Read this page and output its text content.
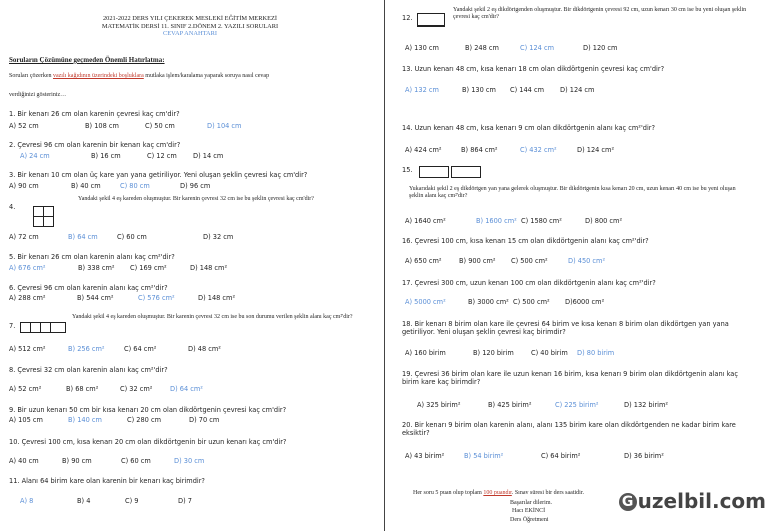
2021-2022 DERS YILI ÇEKEREK MESLEKİ EĞİTİM MERKEZİ
MATEMATİK DERSİ 11. SINIF 2.DÖNEM 2. YAZILI SORULARI
CEVAP ANAHTARI
Soruların Çözümüne geçmeden Önemli Hatırlatma:
Soruları çözerken vazılı kağıdının üzerindeki boşluklara mutlaka işlem/karalama yaparak soruya nasıl cevap
verdiğinizi gösteriniz…
Her soru 5 puan olup toplam 100 puandır. Sınav süresi bir ders saatidir.
Başarılar dilerim.
Hacı EKİNCİ
Ders Öğretmeni
G uzelbil.com
1. Bir kenarı 26 cm olan karenin çevresi kaç cm'dir?
A) 52 cm	B) 108 cm	C) 50 cm	D) 104 cm
2. Çevresi 96 cm olan karenin bir kenarı kaç cm'dir?
A) 24 cm	B) 16 cm	C) 12 cm D) 14 cm
3. Bir kenarı 10 cm olan üç kare yan yana getiriliyor. Yeni oluşan şeklin çevresi kaç cm'dir?
A) 90 cm	B) 40 cm	C) 80 cm	D) 96 cm
4.
Yandaki şekil 4 eş kareden oluşmuştur. Bir karenin çevresi 32 cm ise bu şeklin çevresi kaç cm'dir?
A) 72 cm	B) 64 cm	C) 60 cm	D) 32 cm
5. Bir kenarı 26 cm olan karenin alanı kaç cm²'dir?
A) 676 cm²	B) 338 cm² C) 169 cm²	D) 148 cm²
6. Çevresi 96 cm olan karenin alanı kaç cm²'dir?
A) 288 cm²	B) 544 cm²	C) 576 cm²	D) 148 cm²
7.
Yandaki şekil 4 eş kareden oluşmuştur. Bir karenin çevresi 32 cm ise bu son durumu verilen şeklin alanı kaç cm²'dir?
A) 512 cm²	B) 256 cm²	C) 64 cm²	D) 48 cm²
8. Çevresi 32 cm olan karenin alanı kaç cm²'dir?
A) 52 cm²	B) 68 cm²	C) 32 cm²	D) 64 cm²
9. Bir uzun kenarı 50 cm bir kısa kenarı 20 cm olan dikdörtgenin çevresi kaç cm'dir?
A) 105 cm	B) 140 cm	C) 280 cm	D) 70 cm
10. Çevresi 100 cm, kısa kenarı 20 cm olan dikdörtgenin bir uzun kenarı kaç cm'dir?
A) 40 cm	B) 90 cm	C) 60 cm	D) 30 cm
11. Alanı 64 birim kare olan karenin bir kenarı kaç birimdir?
A) 8	B) 4	C) 9	D) 7
12.
Yandaki şekil 2 eş dikdörtgenden oluşmuştur. Bir dikdörtgenin çevresi 92 cm, uzun kenarı 30 cm ise bu yeni oluşan şeklin çevresi kaç cm'dir?
A) 130 cm	B) 248 cm	C) 124 cm	D) 120 cm
13. Uzun kenarı 48 cm, kısa kenarı 18 cm olan dikdörtgenin çevresi kaç cm'dir?
A) 132 cm	B) 130 cm C) 144 cm D) 124 cm
14. Uzun kenarı 48 cm, kısa kenarı 9 cm olan dikdörtgenin alanı kaç cm²'dir?
A) 424 cm²	B) 864 cm²	C) 432 cm²	D) 124 cm²
15.
Yukarıdaki şekil 2 eş dikdörtgen yan yana gelerek oluşmuştur. Bir dikdörtgenin kısa kenarı 20 cm, uzun kenarı 40 cm ise bu yeni oluşan şeklin alanı kaç cm²'dir?
A) 1640 cm²	B) 1600 cm² C) 1580 cm²	D) 800 cm²
16. Çevresi 100 cm, kısa kenarı 15 cm olan dikdörtgenin alanı kaç cm²'dir?
A) 650 cm²	B) 900 cm² C) 500 cm²	D) 450 cm²
17. Çevresi 300 cm, uzun kenarı 100 cm olan dikdörtgenin alanı kaç cm²'dir?
A) 5000 cm²	B) 3000 cm² C) 500 cm² D)6000 cm²
18. Bir kenarı 8 birim olan kare ile çevresi 64 birim ve kısa kenarı 8 birim olan dikdörtgen yan yana getiriliyor. Yeni oluşan şeklin çevresi kaç birimdir?
A) 160 birim	B) 120 birim	C) 40 birim D) 80 birim
19. Çevresi 36 birim olan kare ile uzun kenarı 16 birim, kısa kenarı 9 birim olan dikdörtgenin alanı kaç birim kare kaç birimdir?
A) 325 birim²	B) 425 birim²	C) 225 birim²	D) 132 birim²
20. Bir kenarı 9 birim olan karenin alanı, alanı 135 birim kare olan dikdörtgenden ne kadar birim kare eksiktir?
A) 43 birim²	B) 54 birim²	C) 64 birim²	D) 36 birim²
